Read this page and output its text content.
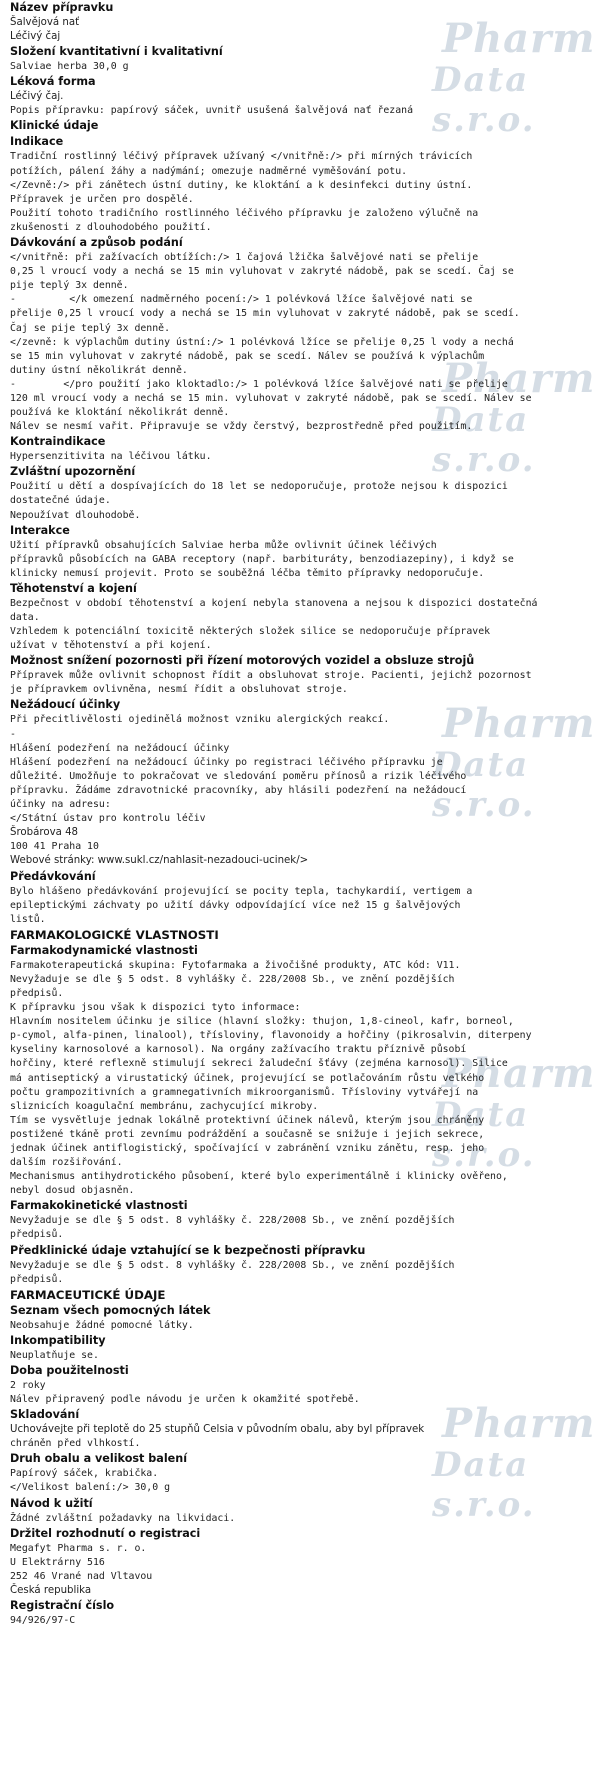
Pharm
Data s.r.o.
Pharm
Data s.r.o.
Pharm
Data s.r.o.
Pharm
Data s.r.o.
Pharm
Data s.r.o.
Název přípravku
Šalvějová nať
Léčivý čaj
Složení kvantitativní i kvalitativní
Salviae herba 30,0 g
Léková forma
Léčivý čaj.
Popis přípravku: papírový sáček, uvnitř usušená šalvějová nať řezaná
Klinické údaje
Indikace
Tradiční rostlinný léčivý přípravek užívaný </vnitřně:/> při mírných trávicích
potížích, pálení žáhy a nadýmání; omezuje nadměrné vyměšování potu.
</Zevně:/> při zánětech ústní dutiny, ke kloktání a k desinfekci dutiny ústní.
Přípravek je určen pro dospělé.
Použití tohoto tradičního rostlinného léčivého přípravku je založeno výlučně na
zkušenosti z dlouhodobého použití.
Dávkování a způsob podání
</vnitřně: při zažívacích obtížích:/> 1 čajová lžička šalvějové nati se přelije
0,25 l vroucí vody a nechá se 15 min vyluhovat v zakryté nádobě, pak se scedí. Čaj se
pije teplý 3x denně.
-         </k omezení nadměrného pocení:/> 1 polévková lžíce šalvějové nati se
přelije 0,25 l vroucí vody a nechá se 15 min vyluhovat v zakryté nádobě, pak se scedí.
Čaj se pije teplý 3x denně.
</zevně: k výplachům dutiny ústní:/> 1 polévková lžíce se přelije 0,25 l vody a nechá
se 15 min vyluhovat v zakryté nádobě, pak se scedí. Nálev se používá k výplachům
dutiny ústní několikrát denně.
-        </pro použití jako kloktadlo:/> 1 polévková lžíce šalvějové nati se přelije
120 ml vroucí vody a nechá se 15 min. vyluhovat v zakryté nádobě, pak se scedí. Nálev se
používá ke kloktání několikrát denně.
Nálev se nesmí vařit. Připravuje se vždy čerstvý, bezprostředně před použitím.
Kontraindikace
Hypersenzitivita na léčivou látku.
Zvláštní upozornění
Použití u dětí a dospívajících do 18 let se nedoporučuje, protože nejsou k dispozici
dostatečné údaje.
Nepoužívat dlouhodobě.
Interakce
Užití přípravků obsahujících Salviae herba může ovlivnit účinek léčivých
přípravků působících na GABA receptory (např. barbituráty, benzodiazepiny), i když se
klinicky nemusí projevit. Proto se souběžná léčba těmito přípravky nedoporučuje.
Těhotenství a kojení
Bezpečnost v období těhotenství a kojení nebyla stanovena a nejsou k dispozici dostatečná
data.
Vzhledem k potenciální toxicitě některých složek silice se nedoporučuje přípravek
užívat v těhotenství a při kojení.
Možnost snížení pozornosti při řízení motorových vozidel a obsluze strojů
Přípravek může ovlivnit schopnost řídit a obsluhovat stroje. Pacienti, jejichž pozornost
je přípravkem ovlivněna, nesmí řídit a obsluhovat stroje.
Nežádoucí účinky
Při přecitlivělosti ojedinělá možnost vzniku alergických reakcí.
-
Hlášení podezření na nežádoucí účinky
Hlášení podezření na nežádoucí účinky po registraci léčivého přípravku je
důležité. Umožňuje to pokračovat ve sledování poměru přínosů a rizik léčivého
přípravku. Žádáme zdravotnické pracovníky, aby hlásili podezření na nežádoucí
účinky na adresu:
</Státní ústav pro kontrolu léčiv
Šrobárova 48
100 41 Praha 10
Webové stránky: www.sukl.cz/nahlasit-nezadouci-ucinek/>
Předávkování
Bylo hlášeno předávkování projevující se pocity tepla, tachykardií, vertigem a
epileptickými záchvaty po užití dávky odpovídající více než 15 g šalvějových
listů.
FARMAKOLOGICKÉ VLASTNOSTI
Farmakodynamické vlastnosti
Farmakoterapeutická skupina: Fytofarmaka a živočišné produkty, ATC kód: V11.
Nevyžaduje se dle § 5 odst. 8 vyhlášky č. 228/2008 Sb., ve znění pozdějších
předpisů.
K přípravku jsou však k dispozici tyto informace:
Hlavním nositelem účinku je silice (hlavní složky: thujon, 1,8-cineol, kafr, borneol,
p-cymol, alfa-pinen, linalool), třísloviny, flavonoidy a hořčiny (pikrosalvin, diterpeny
kyseliny karnosolové a karnosol). Na orgány zažívacího traktu příznivě působí
hořčiny, které reflexně stimulují sekreci žaludeční šťávy (zejména karnosol). Silice
má antiseptický a virustatický účinek, projevující se potlačováním růstu velkého
počtu grampozitivních a gramnegativních mikroorganismů. Třísloviny vytvářejí na
sliznicích koagulační membránu, zachycující mikroby.
Tím se vysvětluje jednak lokálně protektivní účinek nálevů, kterým jsou chráněny
postižené tkáně proti zevnímu podráždění a současně se snižuje i jejich sekrece,
jednak účinek antiflogistický, spočívající v zabránění vzniku zánětu, resp. jeho
dalším rozšiřování.
Mechanismus antihydrotického působení, které bylo experimentálně i klinicky ověřeno,
nebyl dosud objasněn.
Farmakokinetické vlastnosti
Nevyžaduje se dle § 5 odst. 8 vyhlášky č. 228/2008 Sb., ve znění pozdějších
předpisů.
Předklinické údaje vztahující se k bezpečnosti přípravku
Nevyžaduje se dle § 5 odst. 8 vyhlášky č. 228/2008 Sb., ve znění pozdějších
předpisů.
FARMACEUTICKÉ ÚDAJE
Seznam všech pomocných látek
Neobsahuje žádné pomocné látky.
Inkompatibility
Neuplatňuje se.
Doba použitelnosti
2 roky
Nálev připravený podle návodu je určen k okamžité spotřebě.
Skladování
Uchovávejte při teplotě do 25 stupňů Celsia v původním obalu, aby byl přípravek
chráněn před vlhkostí.
Druh obalu a velikost balení
Papírový sáček, krabička.
</Velikost balení:/> 30,0 g
Návod k užití
Žádné zvláštní požadavky na likvidaci.
Držitel rozhodnutí o registraci
Megafyt Pharma s. r. o.
U Elektrárny 516
252 46 Vrané nad Vltavou
Česká republika
Registrační číslo
94/926/97-C
